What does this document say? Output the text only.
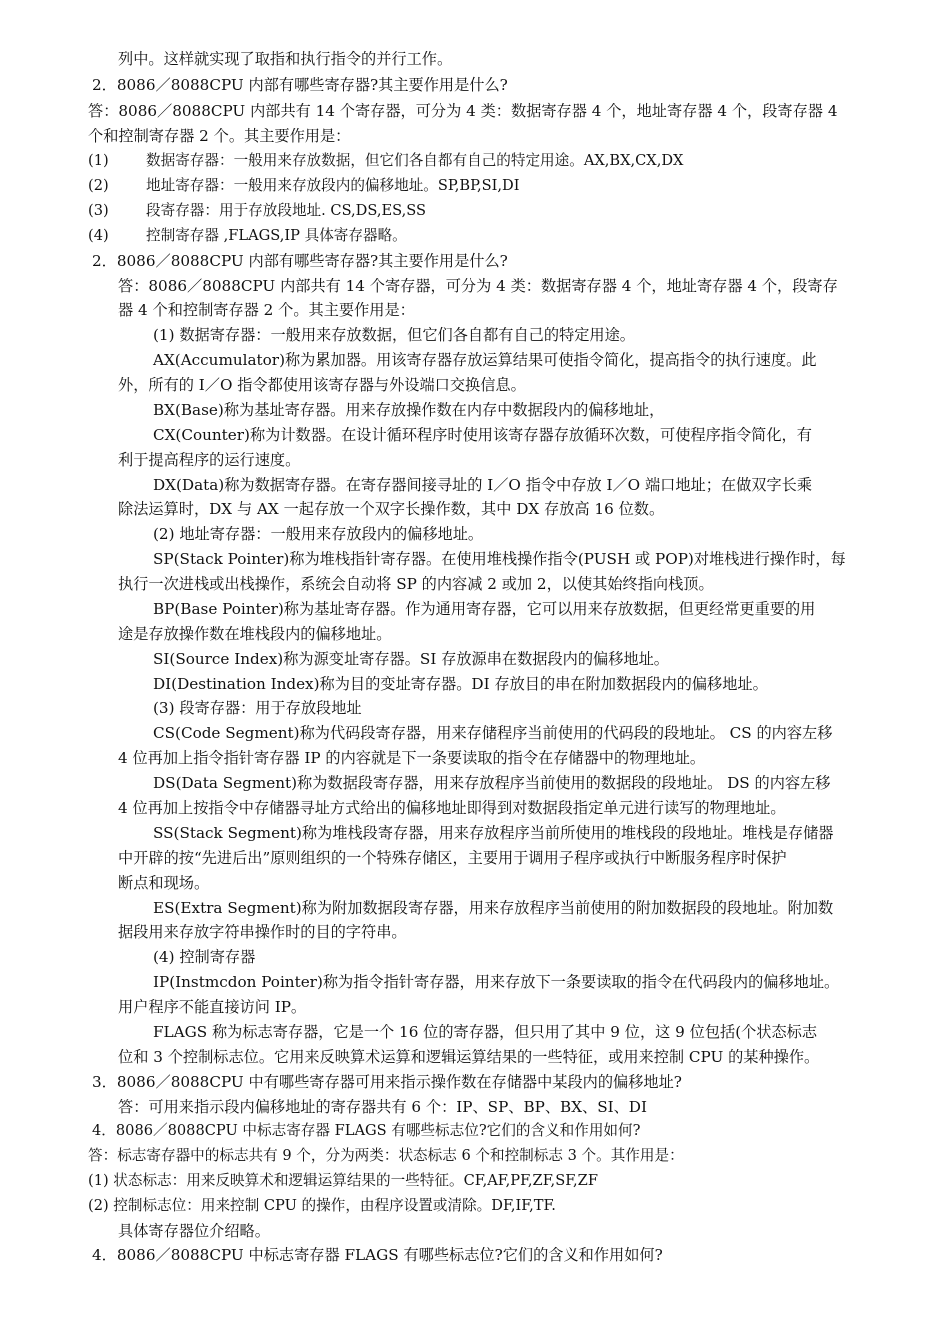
列中。这样就实现了取指和执行指令的并行工作。

2．8086／8088CPU 内部有哪些寄存器?其主要作用是什么?

答：8086／8088CPU 内部共有 14 个寄存器，可分为 4 类：数据寄存器 4 个，地址寄存器 4 个，段寄存器 4

个和控制寄存器 2 个。其主要作用是：

(1)	数据寄存器：一般用来存放数据，但它们各自都有自己的特定用途。AX,BX,CX,DX

(2)	地址寄存器：一般用来存放段内的偏移地址。SP,BP,SI,DI

(3)	段寄存器：用于存放段地址. CS,DS,ES,SS

(4)	控制寄存器 ,FLAGS,IP 具体寄存器略。

2．8086／8088CPU 内部有哪些寄存器?其主要作用是什么?

答：8086／8088CPU 内部共有 14 个寄存器，可分为 4 类：数据寄存器 4 个，地址寄存器 4 个，段寄存

器 4 个和控制寄存器 2 个。其主要作用是：

(1) 数据寄存器：一般用来存放数据，但它们各自都有自己的特定用途。

AX(Accumulator)称为累加器。用该寄存器存放运算结果可使指令简化，提高指令的执行速度。此

外，所有的 I／O 指令都使用该寄存器与外设端口交换信息。

BX(Base)称为基址寄存器。用来存放操作数在内存中数据段内的偏移地址，

CX(Counter)称为计数器。在设计循环程序时使用该寄存器存放循环次数，可使程序指令简化，有

利于提高程序的运行速度。

DX(Data)称为数据寄存器。在寄存器间接寻址的 I／O 指令中存放 I／O 端口地址；在做双字长乘

除法运算时，DX 与 AX 一起存放一个双字长操作数，其中 DX 存放高 16 位数。

(2) 地址寄存器：一般用来存放段内的偏移地址。

SP(Stack Pointer)称为堆栈指针寄存器。在使用堆栈操作指令(PUSH 或 POP)对堆栈进行操作时，每

执行一次进栈或出栈操作，系统会自动将 SP 的内容减 2 或加 2，以使其始终指向栈顶。

BP(Base Pointer)称为基址寄存器。作为通用寄存器，它可以用来存放数据，但更经常更重要的用

途是存放操作数在堆栈段内的偏移地址。

SI(Source Index)称为源变址寄存器。SI 存放源串在数据段内的偏移地址。

DI(Destination Index)称为目的变址寄存器。DI 存放目的串在附加数据段内的偏移地址。

(3) 段寄存器：用于存放段地址

CS(Code Segment)称为代码段寄存器，用来存储程序当前使用的代码段的段地址。 CS 的内容左移

4 位再加上指令指针寄存器 IP 的内容就是下一条要读取的指令在存储器中的物理地址。

DS(Data Segment)称为数据段寄存器，用来存放程序当前使用的数据段的段地址。 DS 的内容左移

4 位再加上按指令中存储器寻址方式给出的偏移地址即得到对数据段指定单元进行读写的物理地址。

SS(Stack Segment)称为堆栈段寄存器，用来存放程序当前所使用的堆栈段的段地址。堆栈是存储器

中开辟的按“先进后出”原则组织的一个特殊存储区，主要用于调用子程序或执行中断服务程序时保护

断点和现场。

ES(Extra Segment)称为附加数据段寄存器，用来存放程序当前使用的附加数据段的段地址。附加数

据段用来存放字符串操作时的目的字符串。

(4) 控制寄存器

IP(Instmcdon Pointer)称为指令指针寄存器，用来存放下一条要读取的指令在代码段内的偏移地址。

用户程序不能直接访问 IP。

FLAGS 称为标志寄存器，它是一个 16 位的寄存器，但只用了其中 9 位，这 9 位包括(个状态标志

位和 3 个控制标志位。它用来反映算术运算和逻辑运算结果的一些特征，或用来控制 CPU 的某种操作。

3．8086／8088CPU 中有哪些寄存器可用来指示操作数在存储器中某段内的偏移地址?

答：可用来指示段内偏移地址的寄存器共有 6 个：IP、SP、BP、BX、SI、DI

4．8086／8088CPU 中标志寄存器 FLAGS 有哪些标志位?它们的含义和作用如何?

答：标志寄存器中的标志共有 9 个，分为两类：状态标志 6 个和控制标志 3 个。其作用是：

(1) 状态标志：用来反映算术和逻辑运算结果的一些特征。CF,AF,PF,ZF,SF,ZF

(2) 控制标志位：用来控制 CPU 的操作，由程序设置或清除。DF,IF,TF.

具体寄存器位介绍略。

4．8086／8088CPU 中标志寄存器 FLAGS 有哪些标志位?它们的含义和作用如何?
